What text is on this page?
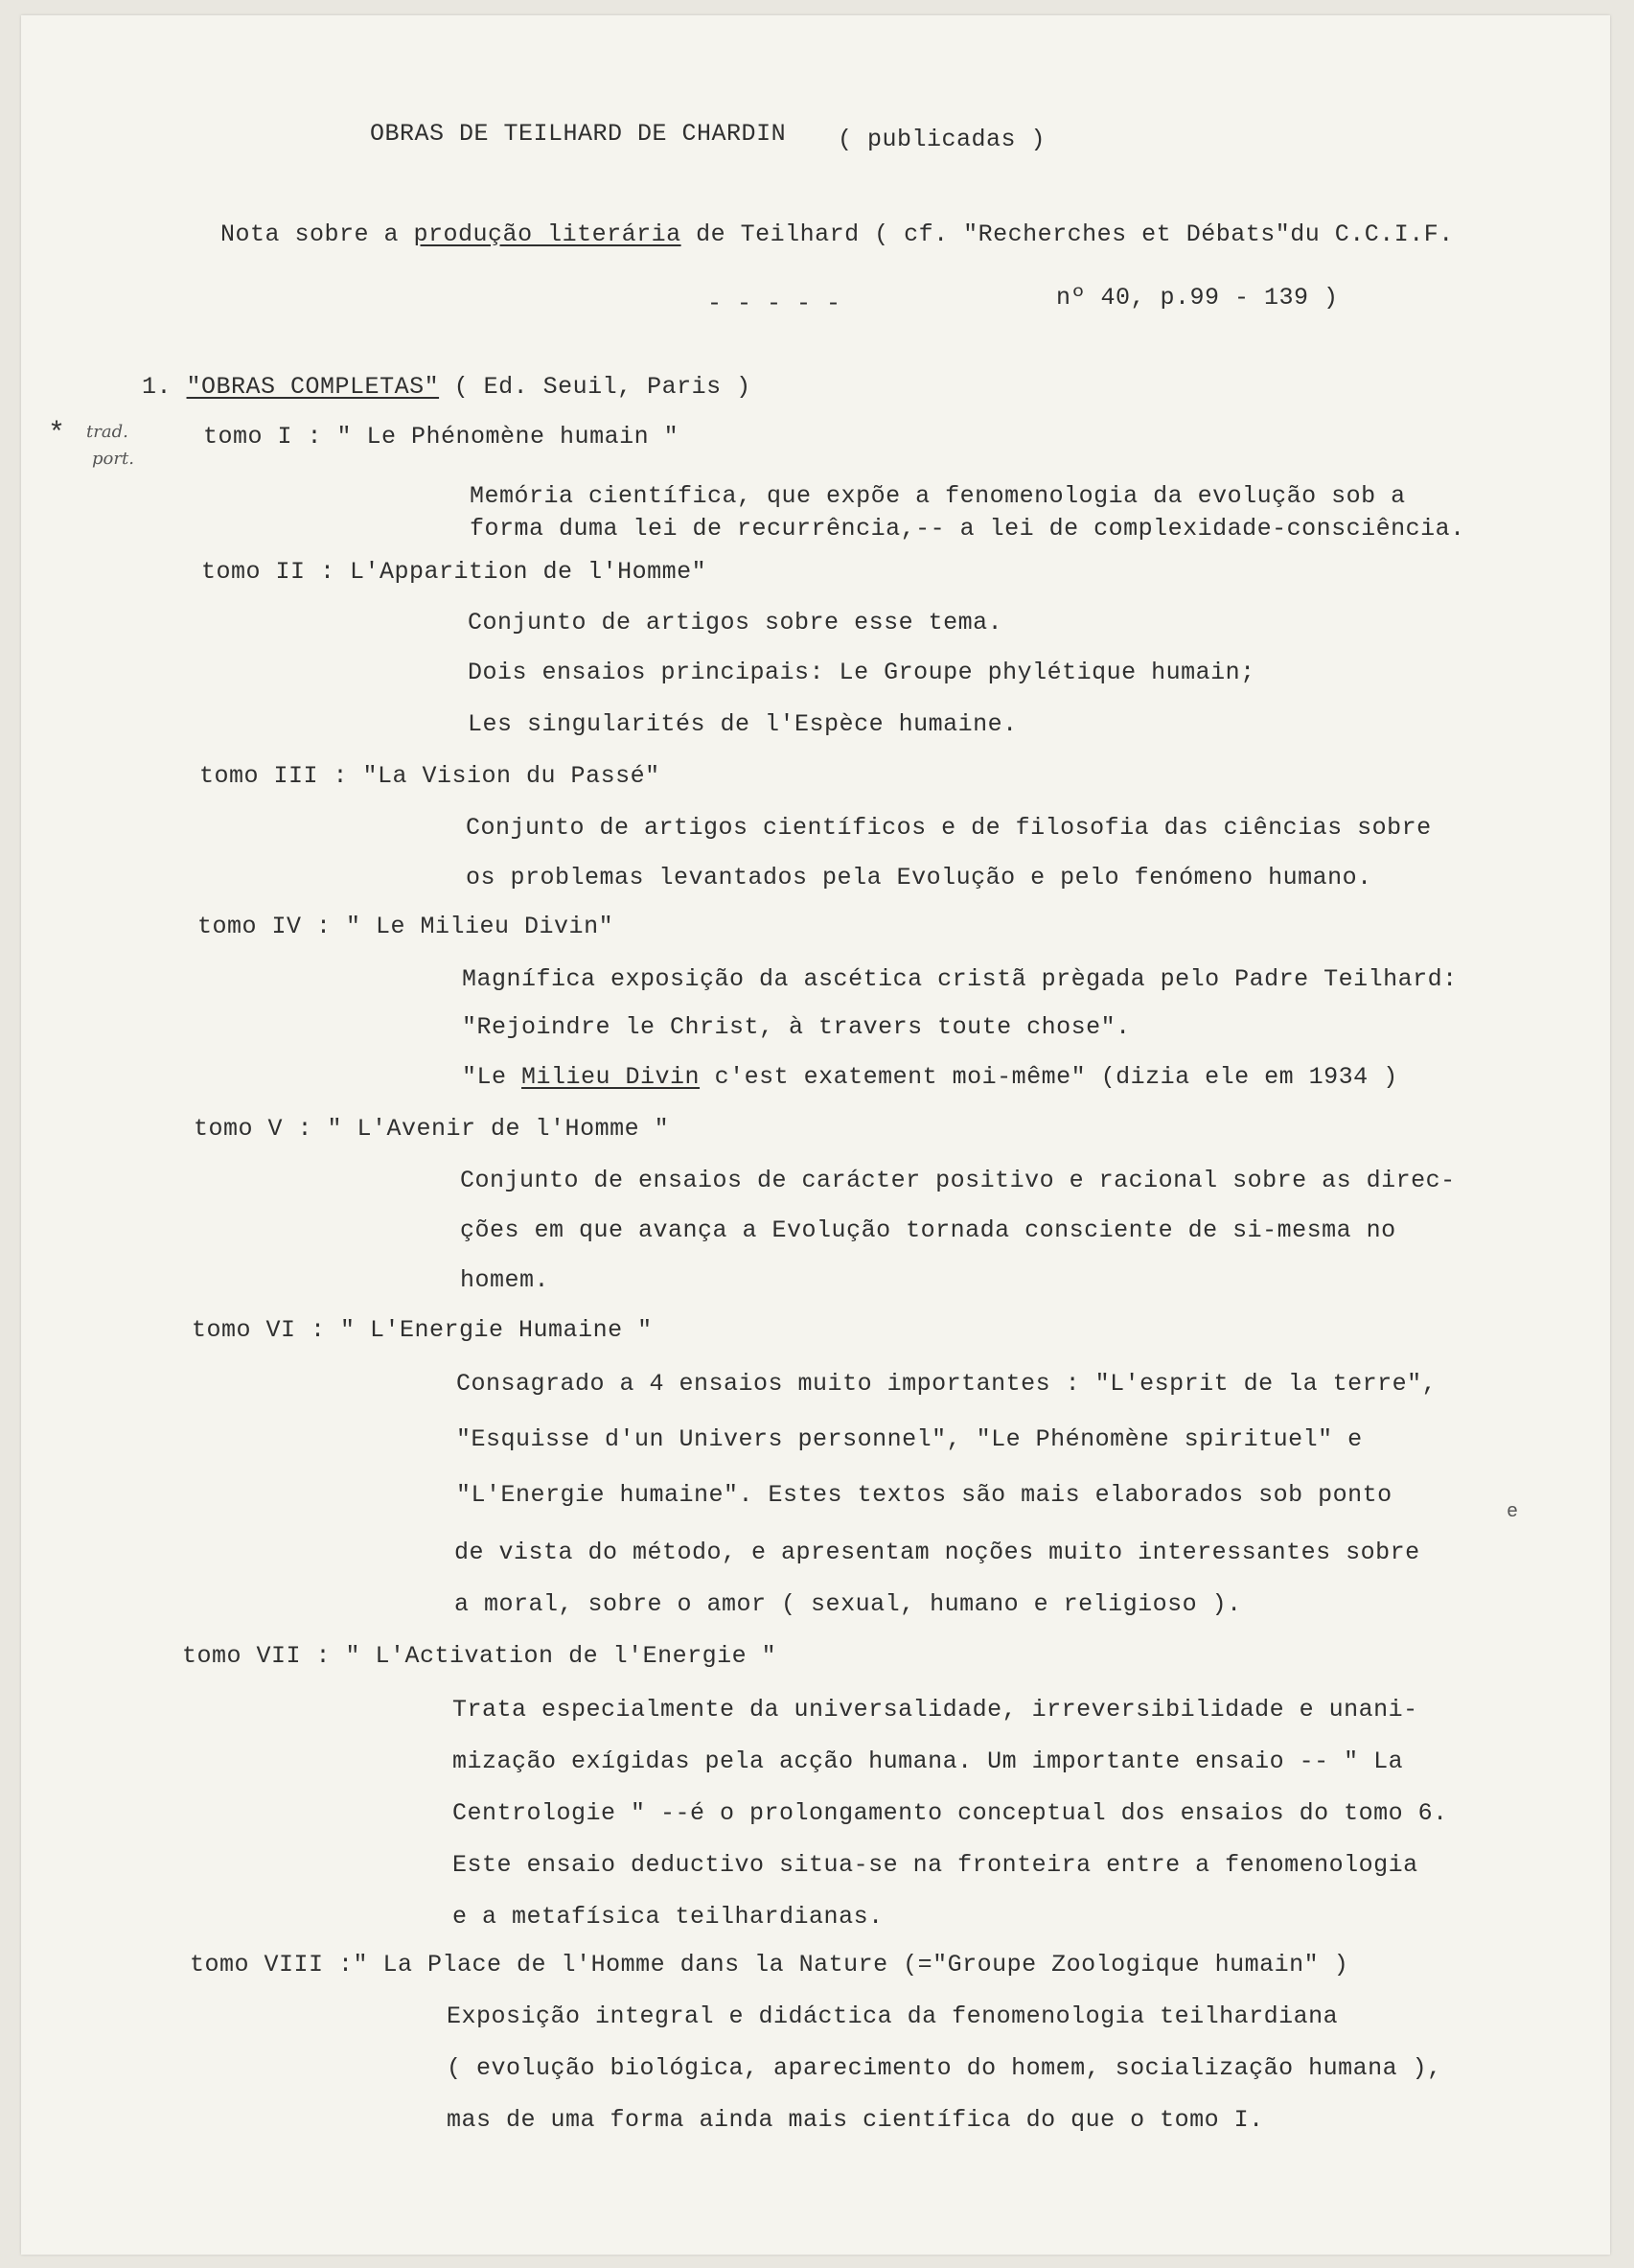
OBRAS DE TEILHARD DE CHARDIN ( publicadas )
Nota sobre a produção literária de Teilhard ( cf. "Recherches et Débats"du C.C.I.F.
- - - - -	nº 40, p.99 - 139 )
1. "OBRAS COMPLETAS" ( Ed. Seuil, Paris )
* trad.
port.
tomo I : " Le Phénomène humain "
Memória científica, que expõe a fenomenologia da evolução sob a
forma duma lei de recurrência,-- a lei de complexidade-consciência.
tomo II : L'Apparition de l'Homme"
Conjunto de artigos sobre esse tema.
Dois ensaios principais: Le Groupe phylétique humain;
Les singularités de l'Espèce humaine.
tomo III : "La Vision du Passé"
Conjunto de artigos científicos e de filosofia das ciências sobre
os problemas levantados pela Evolução e pelo fenómeno humano.
tomo IV : " Le Milieu Divin"
Magnífica exposição da ascética cristã prègada pelo Padre Teilhard:
"Rejoindre le Christ, à travers toute chose".
"Le Milieu Divin c'est exatement moi-même" (dizia ele em 1934 )
tomo V : " L'Avenir de l'Homme "
Conjunto de ensaios de carácter positivo e racional sobre as direc-
ções em que avança a Evolução tornada consciente de si-mesma no
homem.
tomo VI : " L'Energie Humaine "
Consagrado a 4 ensaios muito importantes : "L'esprit de la terre",
"Esquisse d'un Univers personnel", "Le Phénomène spirituel" e
"L'Energie humaine". Estes textos são mais elaborados sob ponto
e
de vista do método, e apresentam noções muito interessantes sobre
a moral, sobre o amor ( sexual, humano e religioso ).
tomo VII : " L'Activation de l'Energie "
Trata especialmente da universalidade, irreversibilidade e unani-
mização exígidas pela acção humana. Um importante ensaio -- " La
Centrologie " --é o prolongamento conceptual dos ensaios do tomo 6.
Este ensaio deductivo situa-se na fronteira entre a fenomenologia
e a metafísica teilhardianas.
tomo VIII :" La Place de l'Homme dans la Nature (="Groupe Zoologique humain" )
Exposição integral e didáctica da fenomenologia teilhardiana
( evolução biológica, aparecimento do homem, socialização humana ),
mas de uma forma ainda mais científica do que o tomo I.
